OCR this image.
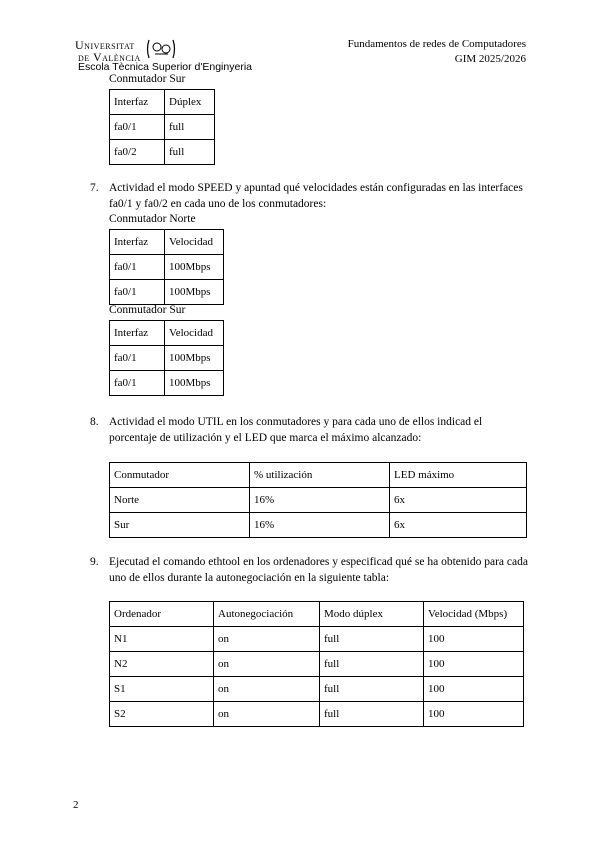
Universitat
de València
Escola Tècnica Superior d'Enginyeria
Fundamentos de redes de Computadores
GIM 2025/2026
Conmutador Sur
Interfaz	Dúplex
fa0/1	full
fa0/2	full
7. Actividad el modo SPEED y apuntad qué velocidades están configuradas en las interfaces fa0/1 y fa0/2 en cada uno de los conmutadores:
Conmutador Norte
Interfaz	Velocidad
fa0/1	100Mbps
fa0/1	100Mbps
Conmutador Sur
Interfaz	Velocidad
fa0/1	100Mbps
fa0/1	100Mbps
8. Actividad el modo UTIL en los conmutadores y para cada uno de ellos indicad el porcentaje de utilización y el LED que marca el máximo alcanzado:
Conmutador	% utilización	LED máximo
Norte	16%	6x
Sur	16%	6x
9. Ejecutad el comando ethtool en los ordenadores y especificad qué se ha obtenido para cada uno de ellos durante la autonegociación en la siguiente tabla:
Ordenador	Autonegociación	Modo dúplex	Velocidad (Mbps)
N1	on	full	100
N2	on	full	100
S1	on	full	100
S2	on	full	100
2
